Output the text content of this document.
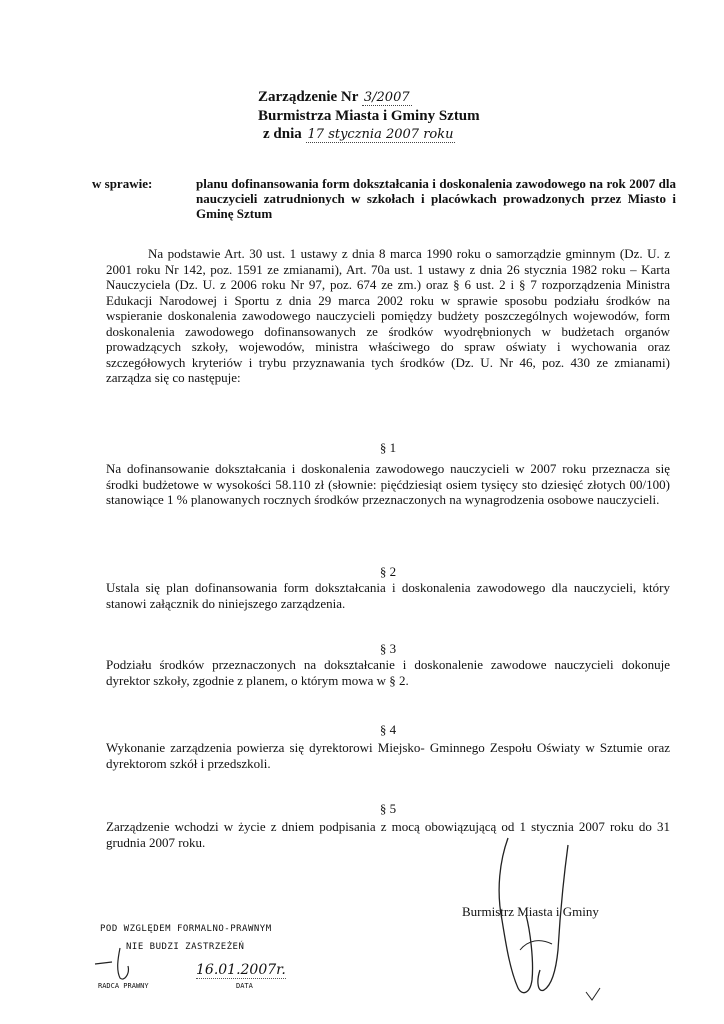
Zarządzenie Nr 3/2007
Burmistrza Miasta i Gminy Sztum
z dnia 17 stycznia 2007 roku
w sprawie:	planu dofinansowania form dokształcania i doskonalenia zawodowego na rok 2007 dla nauczycieli zatrudnionych w szkołach i placówkach prowadzonych przez Miasto i Gminę Sztum
Na podstawie Art. 30 ust. 1 ustawy z dnia 8 marca 1990 roku o samorządzie gminnym (Dz. U. z 2001 roku Nr 142, poz. 1591 ze zmianami), Art. 70a ust. 1 ustawy z dnia 26 stycznia 1982 roku – Karta Nauczyciela (Dz. U. z 2006 roku Nr 97, poz. 674 ze zm.) oraz § 6 ust. 2 i § 7 rozporządzenia Ministra Edukacji Narodowej i Sportu z dnia 29 marca 2002 roku w sprawie sposobu podziału środków na wspieranie doskonalenia zawodowego nauczycieli pomiędzy budżety poszczególnych wojewodów, form doskonalenia zawodowego dofinansowanych ze środków wyodrębnionych w budżetach organów prowadzących szkoły, wojewodów, ministra właściwego do spraw oświaty i wychowania oraz szczegółowych kryteriów i trybu przyznawania tych środków (Dz. U. Nr 46, poz. 430 ze zmianami) zarządza się co następuje:
§ 1
Na dofinansowanie dokształcania i doskonalenia zawodowego nauczycieli w 2007 roku przeznacza się środki budżetowe w wysokości 58.110 zł (słownie: pięćdziesiąt osiem tysięcy sto dziesięć złotych 00/100) stanowiące 1 % planowanych rocznych środków przeznaczonych na wynagrodzenia osobowe nauczycieli.
§ 2
Ustala się plan dofinansowania form dokształcania i doskonalenia zawodowego dla nauczycieli, który stanowi załącznik do niniejszego zarządzenia.
§ 3
Podziału środków przeznaczonych na dokształcanie i doskonalenie zawodowe nauczycieli dokonuje dyrektor szkoły, zgodnie z planem, o którym mowa w § 2.
§ 4
Wykonanie zarządzenia powierza się dyrektorowi Miejsko- Gminnego Zespołu Oświaty w Sztumie oraz dyrektorom szkół i przedszkoli.
§ 5
Zarządzenie wchodzi w życie z dniem podpisania z mocą obowiązującą od 1 stycznia 2007 roku do 31 grudnia 2007 roku.
Burmistrz Miasta i Gminy
POD WZGLĘDEM FORMALNO-PRAWNYM
NIE BUDZI ZASTRZEŻEŃ
16.01.2007r.
RADCA PRAWNY	DATA
